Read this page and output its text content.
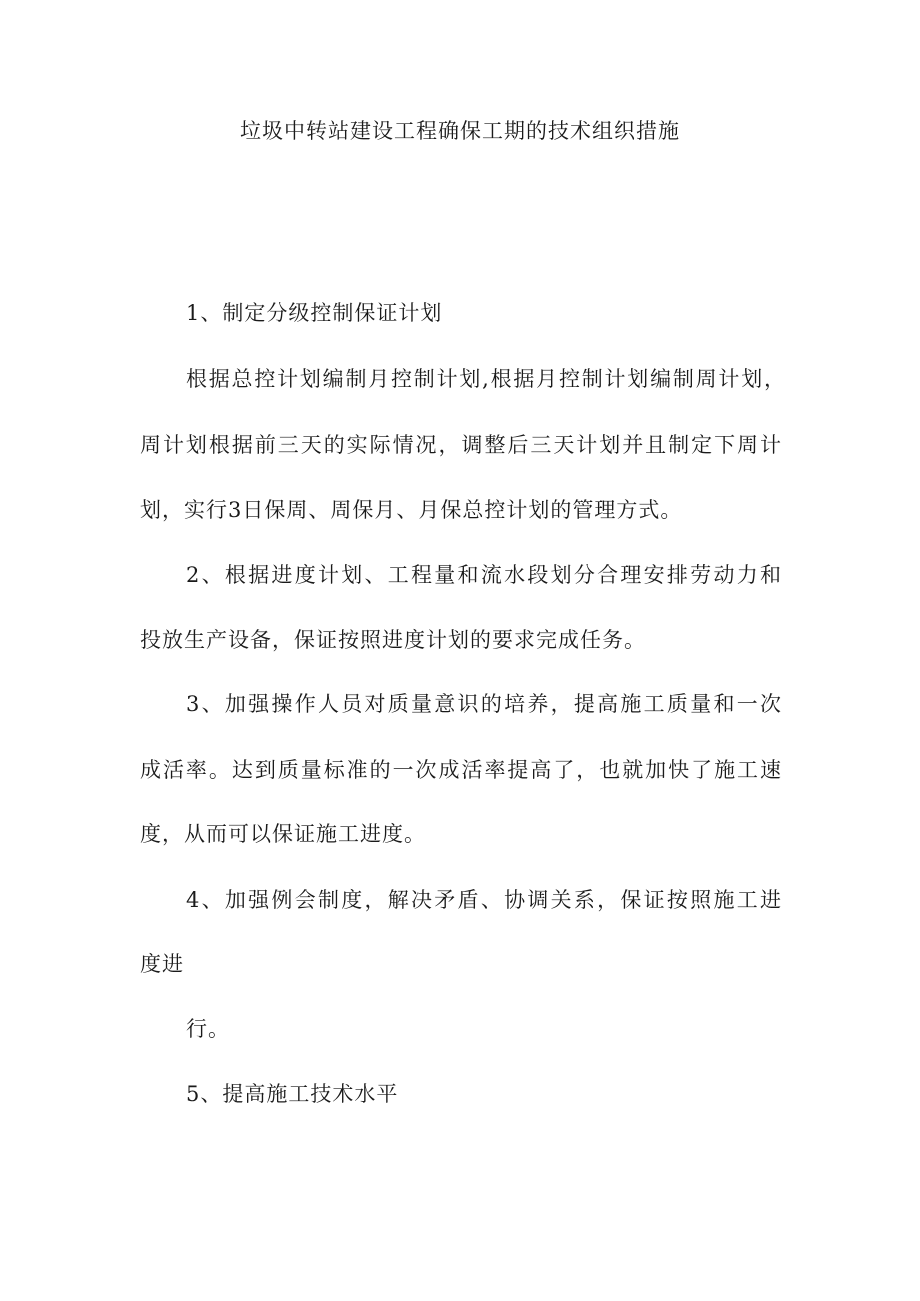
垃圾中转站建设工程确保工期的技术组织措施
1、制定分级控制保证计划
根据总控计划编制月控制计划,根据月控制计划编制周计划，
周计划根据前三天的实际情况，调整后三天计划并且制定下周计
划，实行3日保周、周保月、月保总控计划的管理方式。
2、根据进度计划、工程量和流水段划分合理安排劳动力和
投放生产设备，保证按照进度计划的要求完成任务。
3、加强操作人员对质量意识的培养，提高施工质量和一次
成活率。达到质量标准的一次成活率提高了，也就加快了施工速
度，从而可以保证施工进度。
4、加强例会制度，解决矛盾、协调关系，保证按照施工进
度进
行。
5、提高施工技术水平
